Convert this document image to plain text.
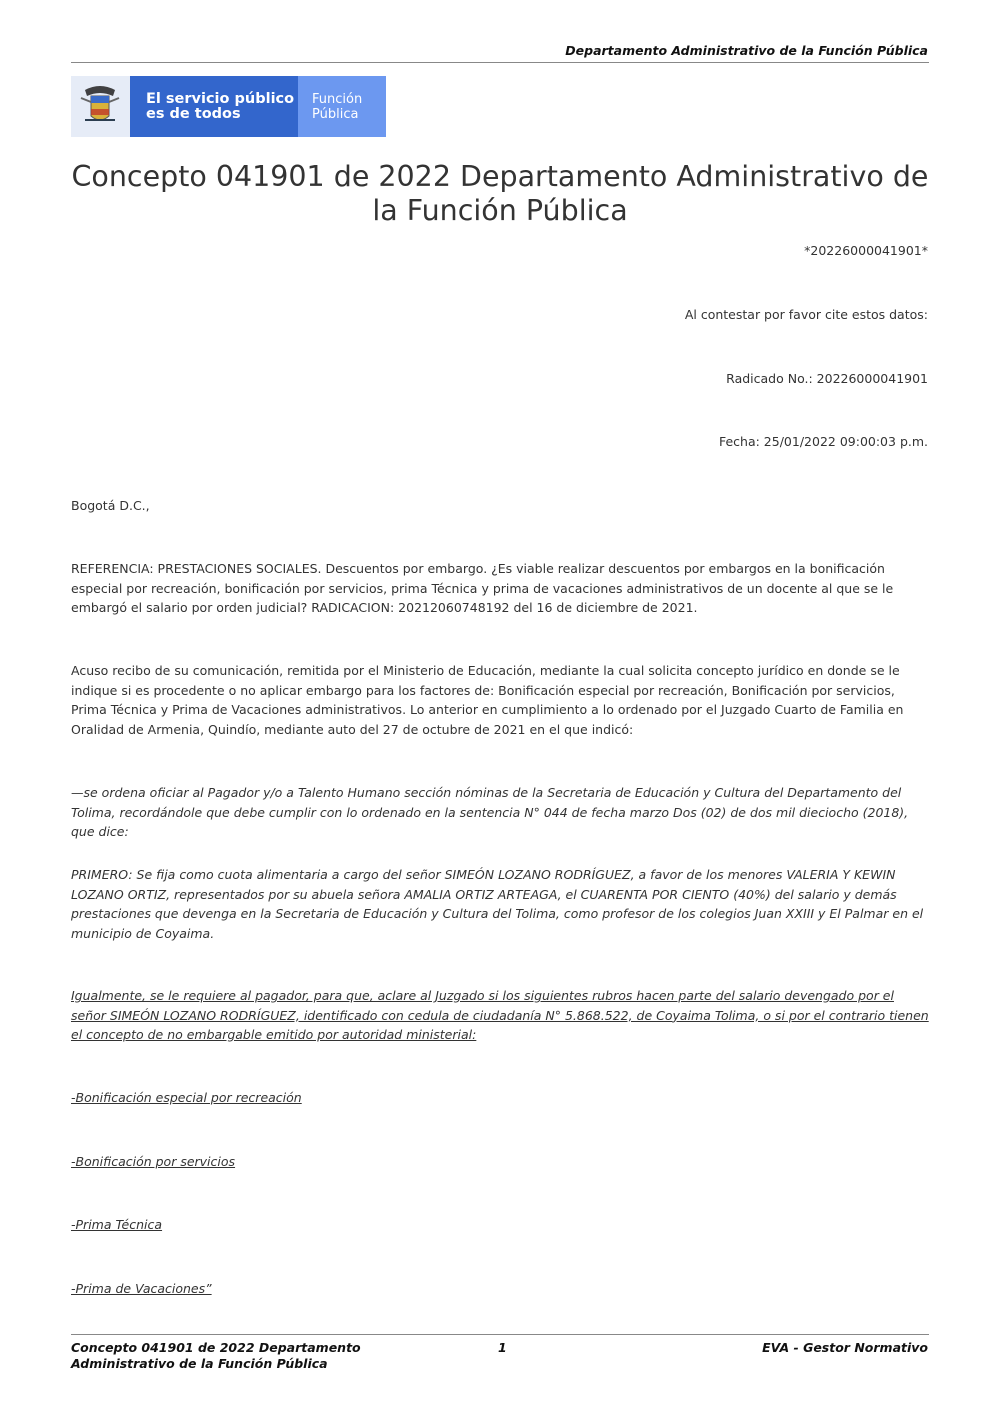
Departamento Administrativo de la Función Pública
El servicio público
es de todos
Función
Pública
Concepto 041901 de 2022 Departamento Administrativo de la Función Pública
*20226000041901*
Al contestar por favor cite estos datos:
Radicado No.: 20226000041901
Fecha: 25/01/2022 09:00:03 p.m.

Bogotá D.C.,

REFERENCIA: PRESTACIONES SOCIALES. Descuentos por embargo. ¿Es viable realizar descuentos por embargos en la bonificación especial por recreación, bonificación por servicios, prima Técnica y prima de vacaciones administrativos de un docente al que se le embargó el salario por orden judicial? RADICACION: 20212060748192 del 16 de diciembre de 2021.

Acuso recibo de su comunicación, remitida por el Ministerio de Educación, mediante la cual solicita concepto jurídico en donde se le indique si es procedente o no aplicar embargo para los factores de: Bonificación especial por recreación, Bonificación por servicios, Prima Técnica y Prima de Vacaciones administrativos. Lo anterior en cumplimiento a lo ordenado por el Juzgado Cuarto de Familia en Oralidad de Armenia, Quindío, mediante auto del 27 de octubre de 2021 en el que indicó:

—se ordena oficiar al Pagador y/o a Talento Humano sección nóminas de la Secretaria de Educación y Cultura del Departamento del Tolima, recordándole que debe cumplir con lo ordenado en la sentencia N° 044 de fecha marzo Dos (02) de dos mil dieciocho (2018), que dice:

PRIMERO: Se fija como cuota alimentaria a cargo del señor SIMEÓN LOZANO RODRÍGUEZ, a favor de los menores VALERIA Y KEWIN LOZANO ORTIZ, representados por su abuela señora AMALIA ORTIZ ARTEAGA, el CUARENTA POR CIENTO (40%) del salario y demás prestaciones que devenga en la Secretaria de Educación y Cultura del Tolima, como profesor de los colegios Juan XXIII y El Palmar en el municipio de Coyaima.

Igualmente, se le requiere al pagador, para que, aclare al Juzgado si los siguientes rubros hacen parte del salario devengado por el señor SIMEÓN LOZANO RODRÍGUEZ, identificado con cedula de ciudadanía N° 5.868.522, de Coyaima Tolima, o si por el contrario tienen el concepto de no embargable emitido por autoridad ministerial:

-Bonificación especial por recreación

-Bonificación por servicios

-Prima Técnica

-Prima de Vacaciones”

Concepto 041901 de 2022 Departamento Administrativo de la Función Pública
1	EVA - Gestor Normativo
